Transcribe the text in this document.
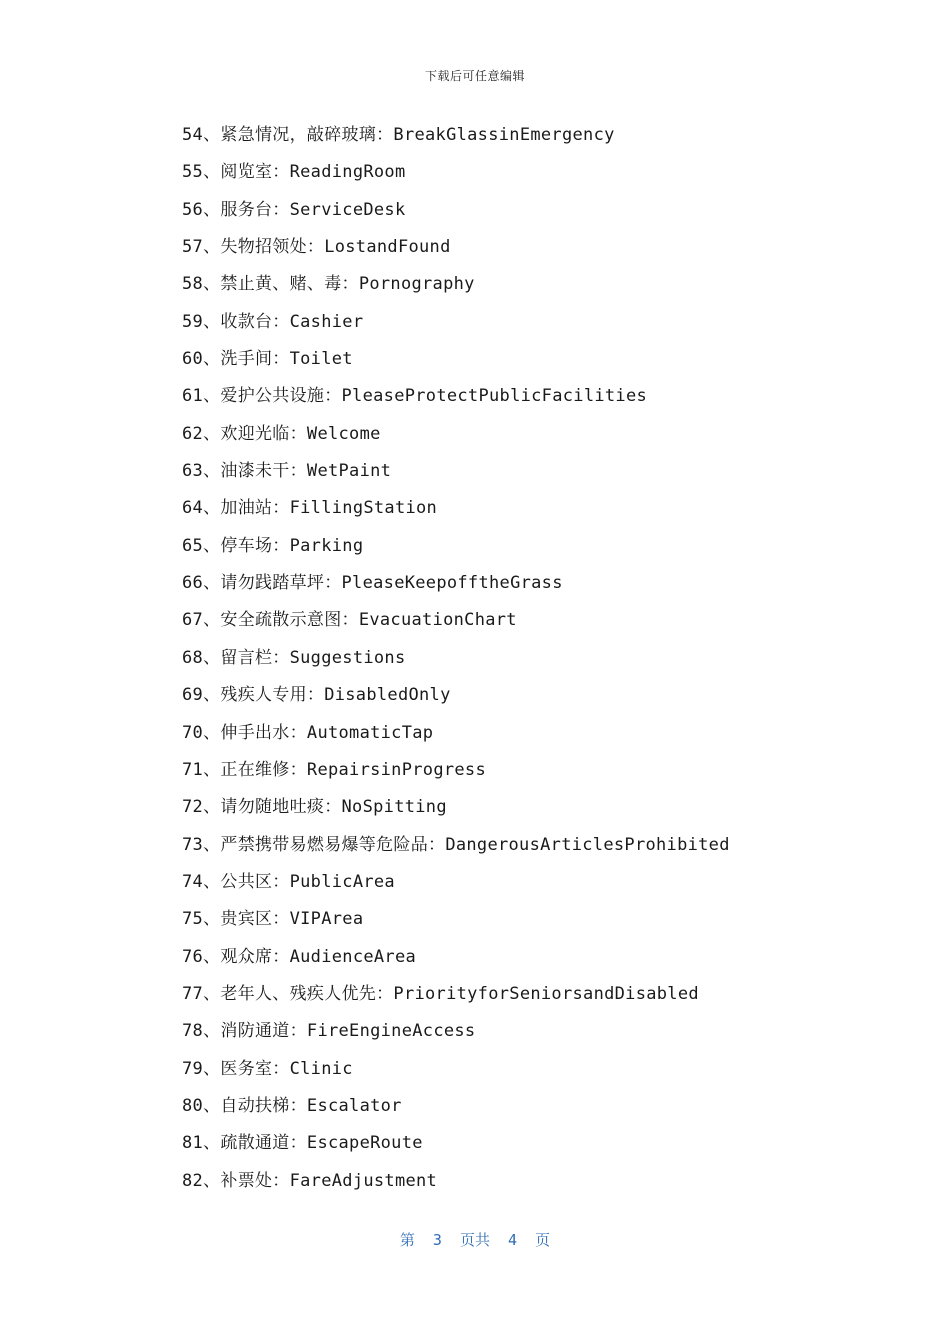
下载后可任意编辑
54、紧急情况，敲碎玻璃：BreakGlassinEmergency
55、阅览室：ReadingRoom
56、服务台：ServiceDesk
57、失物招领处：LostandFound
58、禁止黄、赌、毒：Pornography
59、收款台：Cashier
60、洗手间：Toilet
61、爱护公共设施：PleaseProtectPublicFacilities
62、欢迎光临：Welcome
63、油漆未干：WetPaint
64、加油站：FillingStation
65、停车场：Parking
66、请勿践踏草坪：PleaseKeepofftheGrass
67、安全疏散示意图：EvacuationChart
68、留言栏：Suggestions
69、残疾人专用：DisabledOnly
70、伸手出水：AutomaticTap
71、正在维修：RepairsinProgress
72、请勿随地吐痰：NoSpitting
73、严禁携带易燃易爆等危险品：DangerousArticlesProhibited
74、公共区：PublicArea
75、贵宾区：VIPArea
76、观众席：AudienceArea
77、老年人、残疾人优先：PriorityforSeniorsandDisabled
78、消防通道：FireEngineAccess
79、医务室：Clinic
80、自动扶梯：Escalator
81、疏散通道：EscapeRoute
82、补票处：FareAdjustment
第  3  页共  4  页
